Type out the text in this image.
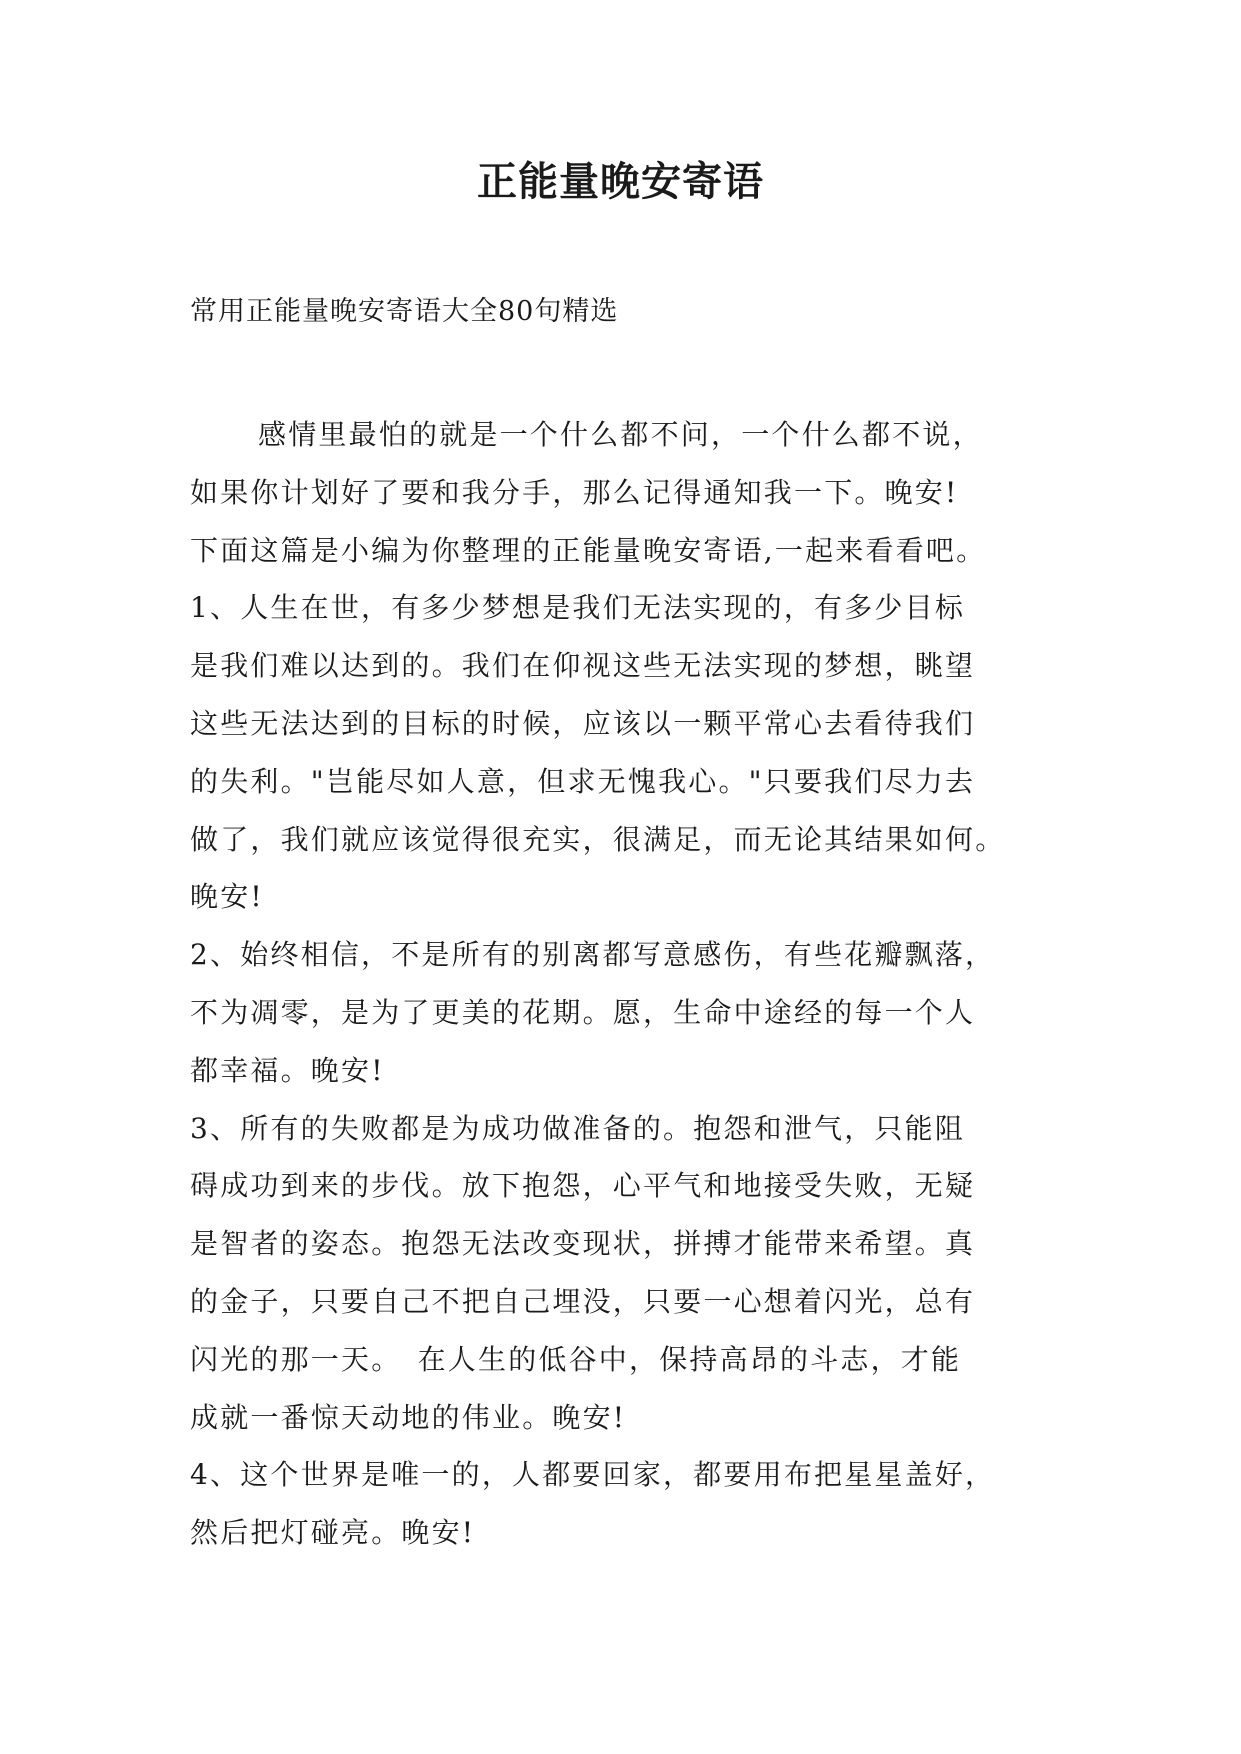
正能量晚安寄语

常用正能量晚安寄语大全80句精选

感情里最怕的就是一个什么都不问，一个什么都不说，
如果你计划好了要和我分手，那么记得通知我一下。晚安!
下面这篇是小编为你整理的正能量晚安寄语,一起来看看吧。
1、人生在世，有多少梦想是我们无法实现的，有多少目标
是我们难以达到的。我们在仰视这些无法实现的梦想，眺望
这些无法达到的目标的时候，应该以一颗平常心去看待我们
的失利。"岂能尽如人意，但求无愧我心。"只要我们尽力去
做了，我们就应该觉得很充实，很满足，而无论其结果如何。
晚安!
2、始终相信，不是所有的别离都写意感伤，有些花瓣飘落，
不为凋零，是为了更美的花期。愿，生命中途经的每一个人
都幸福。晚安!
3、所有的失败都是为成功做准备的。抱怨和泄气，只能阻
碍成功到来的步伐。放下抱怨，心平气和地接受失败，无疑
是智者的姿态。抱怨无法改变现状，拼搏才能带来希望。真
的金子，只要自己不把自己埋没，只要一心想着闪光，总有
闪光的那一天。　在人生的低谷中，保持高昂的斗志，才能
成就一番惊天动地的伟业。晚安!
4、这个世界是唯一的，人都要回家，都要用布把星星盖好，
然后把灯碰亮。晚安!
